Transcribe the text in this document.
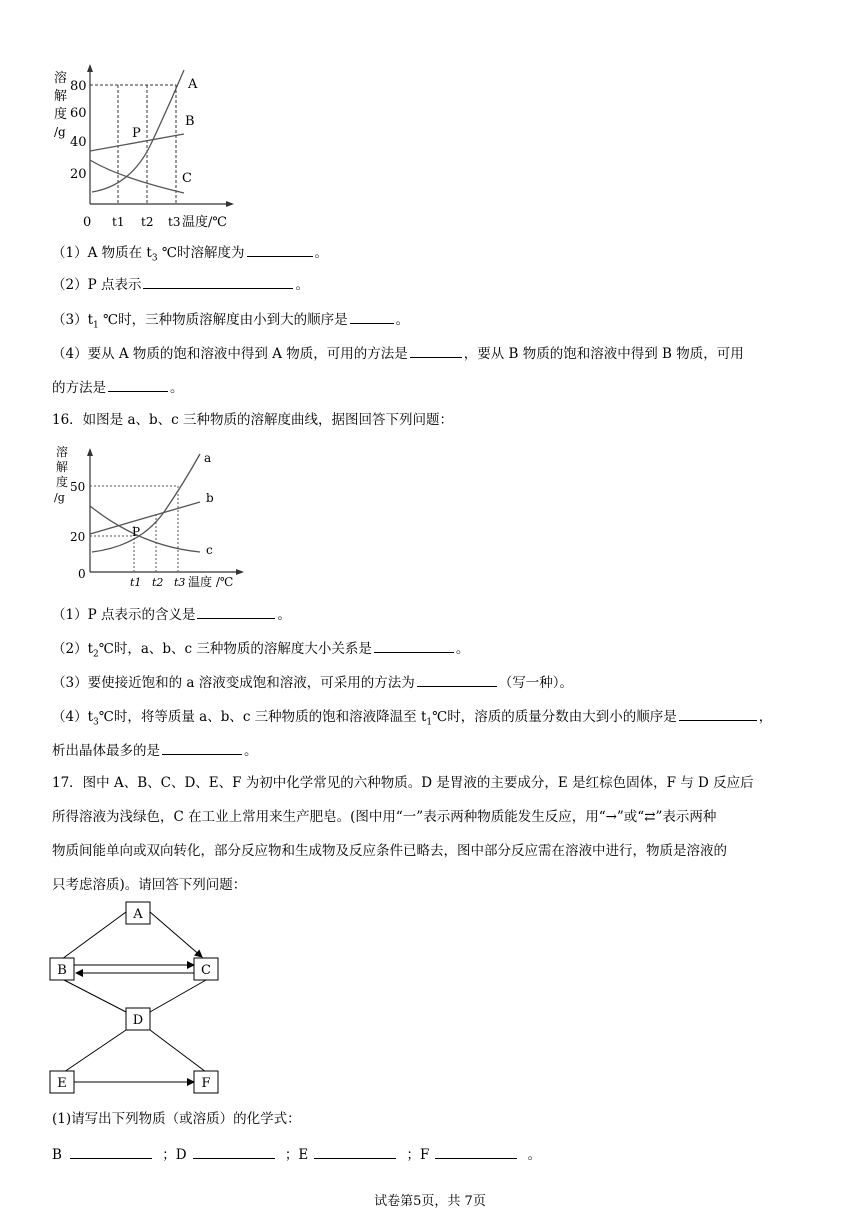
溶
解
度
/g
80
60
40
20
A
B
C
P
0 t1 t2 t3 温度/℃
（1）A 物质在 $t_3$ ℃时溶解度为	。
（2）P 点表示	。
$(3)t_1$ ℃时，三种物质溶解度由小到大的顺序是	。
（4）要从 A 物质的饱和溶液中得到 A 物质，可用的方法是	，要从 B 物质的饱和溶液中得到 B 物质，可用
的方法是	。
16．如图是 a、b、c 三种物质的溶解度曲线，据图回答下列问题：
溶
解
度
/g
50
20
0
a
b
c
P
t1 t2 t3 温度 /℃
（1）P 点表示的含义是	。
$(2)t_2℃$时，a、b、c 三种物质的溶解度大小关系是	。
（3）要使接近饱和的 a 溶液变成饱和溶液，可采用的方法为	（写一种）。
$(4)t_3℃$时，将等质量 a、b、c 三种物质的饱和溶液降温至 $t_1℃$时，溶质的质量分数由大到小的顺序是	，
析出晶体最多的是	。
17．图中 A、B、C、D、E、F 为初中化学常见的六种物质。D 是胃液的主要成分，E 是红棕色固体，F 与 D 反应后
所得溶液为浅绿色，C 在工业上常用来生产肥皂。(图中用“一”表示两种物质能发生反应，用“→”或“⇄”表示两种
物质间能单向或双向转化，部分反应物和生成物及反应条件已略去，图中部分反应需在溶液中进行，物质是溶液的
只考虑溶质)。请回答下列问题：
A
B	C
D
E	F
(1)请写出下列物质（或溶质）的化学式：
B	；D	；E	；F	。
试卷第5页，共 7页
